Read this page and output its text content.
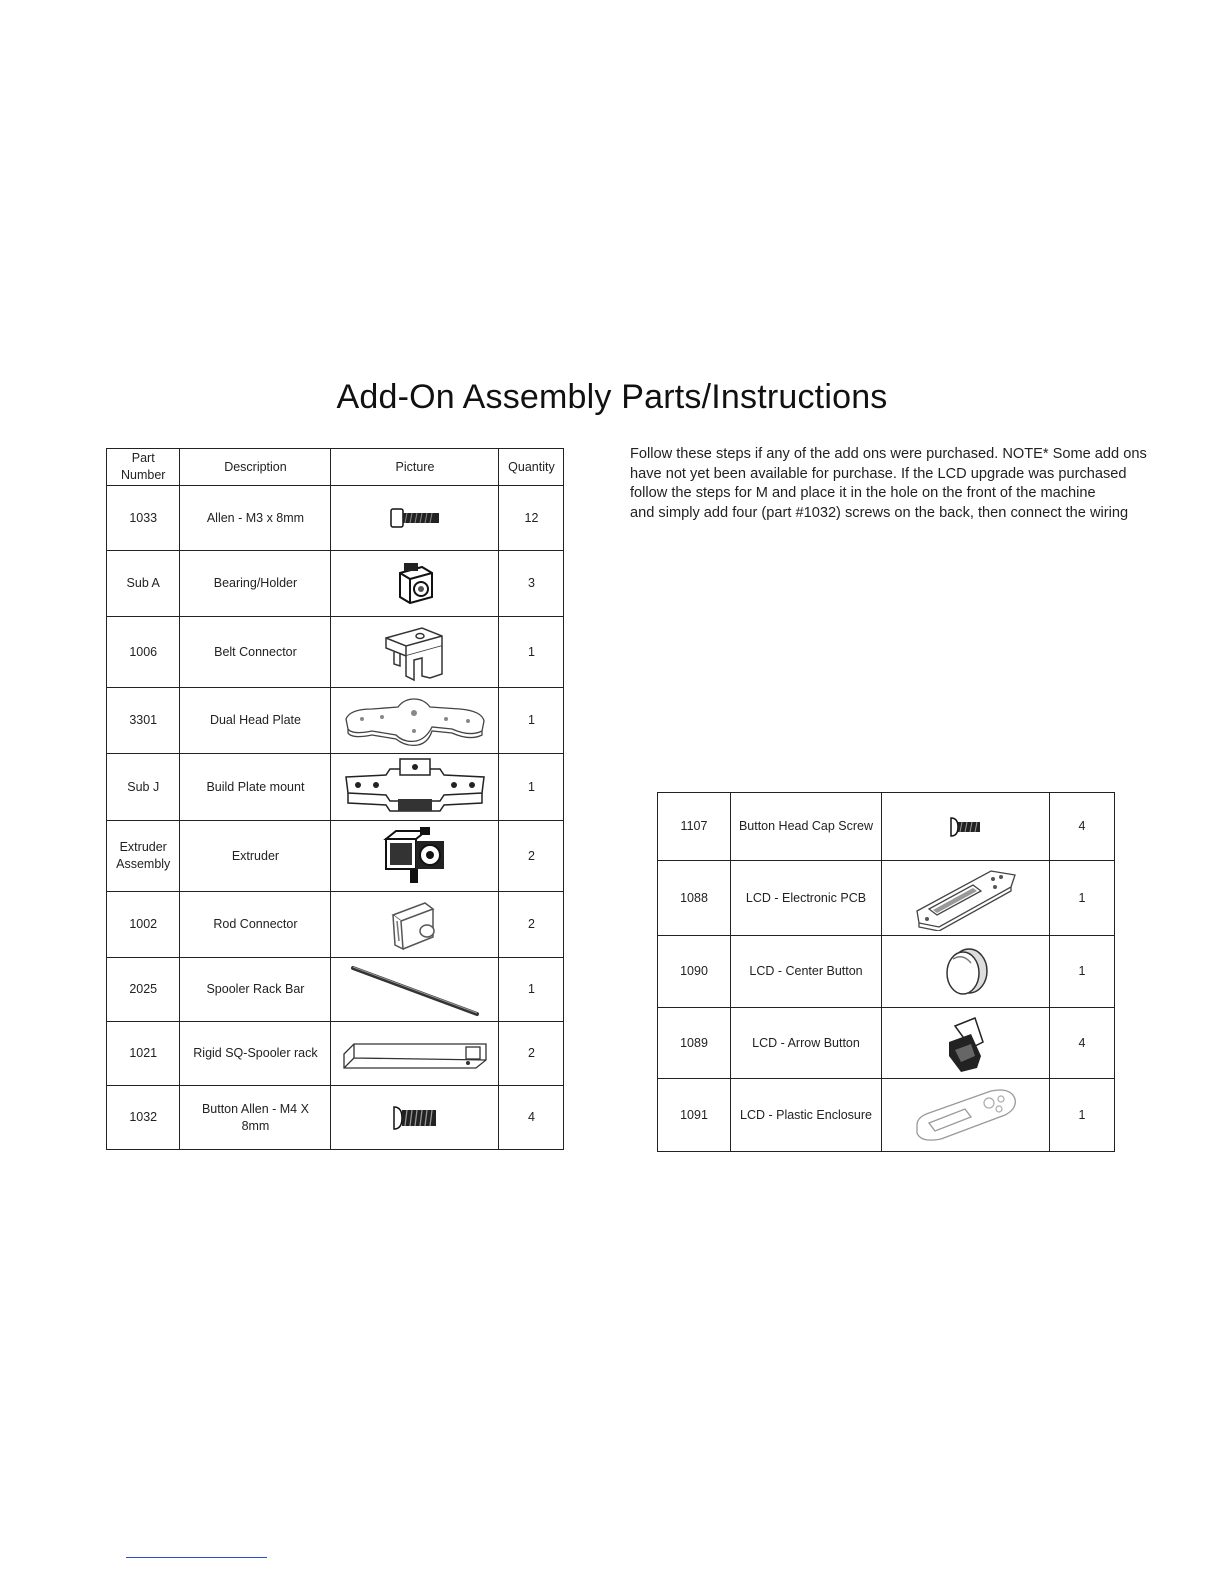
Add-On Assembly Parts/Instructions
Part Number	Description	Picture	Quantity
1033	Allen - M3 x 8mm		12
Sub A	Bearing/Holder		3
1006	Belt Connector		1
3301	Dual Head Plate		1
Sub J	Build Plate mount		1
Extruder Assembly	Extruder		2
1002	Rod Connector		2
2025	Spooler Rack Bar		1
1021	Rigid SQ-Spooler rack		2
1032	Button Allen - M4 X 8mm		4
Follow these steps if any of the add ons were purchased. NOTE* Some add ons
have not yet been available for purchase. If the LCD upgrade was purchased
follow the steps for M and place it in the hole on the front of the machine
and simply add four (part #1032) screws on the back, then connect the wiring
1107	Button Head Cap Screw		4
1088	LCD - Electronic PCB		1
1090	LCD - Center Button		1
1089	LCD - Arrow Button		4
1091	LCD - Plastic Enclosure		1
